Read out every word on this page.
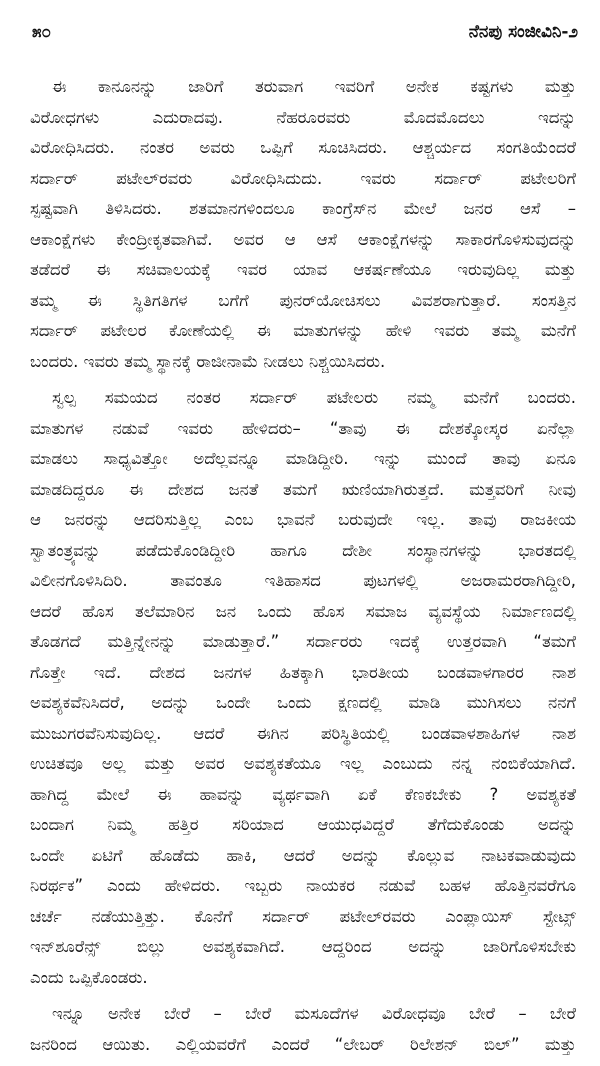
೫೦	ನೆನಪು ಸಂಜೀವಿನಿ-೨
ಈ ಕಾನೂನನ್ನು ಜಾರಿಗೆ ತರುವಾಗ ಇವರಿಗೆ ಅನೇಕ ಕಷ್ಟಗಳು ಮತ್ತು
ವಿರೋಧಗಳು ಎದುರಾದವು. ನೆಹರೂರವರು ಮೊದಮೊದಲು ಇದನ್ನು
ವಿರೋಧಿಸಿದರು. ನಂತರ ಅವರು ಒಪ್ಪಿಗೆ ಸೂಚಿಸಿದರು. ಆಶ್ಚರ್ಯದ ಸಂಗತಿಯೆಂದರೆ
ಸರ್ದಾರ್ ಪಟೇಲ್‌ರವರು ವಿರೋಧಿಸಿದುದು. ಇವರು ಸರ್ದಾರ್ ಪಟೇಲರಿಗೆ
ಸ್ಪಷ್ಟವಾಗಿ ತಿಳಿಸಿದರು. ಶತಮಾನಗಳಿಂದಲೂ ಕಾಂಗ್ರೆಸ್‌ನ ಮೇಲೆ ಜನರ ಆಸೆ –
ಆಕಾಂಕ್ಷೆಗಳು ಕೇಂದ್ರೀಕೃತವಾಗಿವೆ. ಅವರ ಆ ಆಸೆ ಆಕಾಂಕ್ಷೆಗಳನ್ನು ಸಾಕಾರಗೊಳಿಸುವುದನ್ನು
ತಡೆದರೆ ಈ ಸಚಿವಾಲಯಕ್ಕೆ ಇವರ ಯಾವ ಆಕರ್ಷಣೆಯೂ ಇರುವುದಿಲ್ಲ ಮತ್ತು
ತಮ್ಮ ಈ ಸ್ಥಿತಿಗತಿಗಳ ಬಗೆಗೆ ಪುನರ್‌ಯೋಚಿಸಲು ವಿವಶರಾಗುತ್ತಾರೆ. ಸಂಸತ್ತಿನ
ಸರ್ದಾರ್ ಪಟೇಲರ ಕೋಣೆಯಲ್ಲಿ ಈ ಮಾತುಗಳನ್ನು ಹೇಳಿ ಇವರು ತಮ್ಮ ಮನೆಗೆ
ಬಂದರು. ಇವರು ತಮ್ಮ ಸ್ಥಾನಕ್ಕೆ ರಾಜೀನಾಮೆ ನೀಡಲು ನಿಶ್ಚಯಿಸಿದರು.
ಸ್ವಲ್ಪ ಸಮಯದ ನಂತರ ಸರ್ದಾರ್ ಪಟೇಲರು ನಮ್ಮ ಮನೆಗೆ ಬಂದರು.
ಮಾತುಗಳ ನಡುವೆ ಇವರು ಹೇಳಿದರು– “ತಾವು ಈ ದೇಶಕ್ಕೋಸ್ಕರ ಏನೆಲ್ಲಾ
ಮಾಡಲು ಸಾಧ್ಯವಿತ್ತೋ ಅದೆಲ್ಲವನ್ನೂ ಮಾಡಿದ್ದೀರಿ. ಇನ್ನು ಮುಂದೆ ತಾವು ಏನೂ
ಮಾಡದಿದ್ದರೂ ಈ ದೇಶದ ಜನತೆ ತಮಗೆ ಋಣಿಯಾಗಿರುತ್ತದೆ. ಮತ್ತವರಿಗೆ ನೀವು
ಆ ಜನರನ್ನು ಆದರಿಸುತ್ತಿಲ್ಲ ಎಂಬ ಭಾವನೆ ಬರುವುದೇ ಇಲ್ಲ. ತಾವು ರಾಜಕೀಯ
ಸ್ವಾತಂತ್ರ್ಯವನ್ನು ಪಡೆದುಕೊಂಡಿದ್ದೀರಿ ಹಾಗೂ ದೇಶೀ ಸಂಸ್ಥಾನಗಳನ್ನು ಭಾರತದಲ್ಲಿ
ವಿಲೀನಗೊಳಿಸಿದಿರಿ. ತಾವಂತೂ ಇತಿಹಾಸದ ಪುಟಗಳಲ್ಲಿ ಅಜರಾಮರರಾಗಿದ್ದೀರಿ,
ಆದರೆ ಹೊಸ ತಲೆಮಾರಿನ ಜನ ಒಂದು ಹೊಸ ಸಮಾಜ ವ್ಯವಸ್ಥೆಯ ನಿರ್ಮಾಣದಲ್ಲಿ
ತೊಡಗದೆ ಮತ್ತಿನ್ನೇನನ್ನು ಮಾಡುತ್ತಾರೆ.” ಸರ್ದಾರರು ಇದಕ್ಕೆ ಉತ್ತರವಾಗಿ “ತಮಗೆ
ಗೊತ್ತೇ ಇದೆ. ದೇಶದ ಜನಗಳ ಹಿತಕ್ಕಾಗಿ ಭಾರತೀಯ ಬಂಡವಾಳಗಾರರ ನಾಶ
ಅವಶ್ಯಕವೆನಿಸಿದರೆ, ಅದನ್ನು ಒಂದೇ ಒಂದು ಕ್ಷಣದಲ್ಲಿ ಮಾಡಿ ಮುಗಿಸಲು ನನಗೆ
ಮುಜುಗರವೆನಿಸುವುದಿಲ್ಲ. ಆದರೆ ಈಗಿನ ಪರಿಸ್ಥಿತಿಯಲ್ಲಿ ಬಂಡವಾಳಶಾಹಿಗಳ ನಾಶ
ಉಚಿತವೂ ಅಲ್ಲ ಮತ್ತು ಅವರ ಅವಶ್ಯಕತೆಯೂ ಇಲ್ಲ ಎಂಬುದು ನನ್ನ ನಂಬಿಕೆಯಾಗಿದೆ.
ಹಾಗಿದ್ದ ಮೇಲೆ ಈ ಹಾವನ್ನು ವ್ಯರ್ಥವಾಗಿ ಏಕೆ ಕೆಣಕಬೇಕು ? ಅವಶ್ಯಕತೆ
ಬಂದಾಗ ನಿಮ್ಮ ಹತ್ತಿರ ಸರಿಯಾದ ಆಯುಧವಿದ್ದರೆ ತೆಗೆದುಕೊಂಡು ಅದನ್ನು
ಒಂದೇ ಏಟಿಗೆ ಹೊಡೆದು ಹಾಕಿ, ಆದರೆ ಅದನ್ನು ಕೊಲ್ಲುವ ನಾಟಕವಾಡುವುದು
ನಿರರ್ಥಕ” ಎಂದು ಹೇಳಿದರು. ಇಬ್ಬರು ನಾಯಕರ ನಡುವೆ ಬಹಳ ಹೊತ್ತಿನವರೆಗೂ
ಚರ್ಚೆ ನಡೆಯುತ್ತಿತ್ತು. ಕೊನೆಗೆ ಸರ್ದಾರ್ ಪಟೇಲ್‌ರವರು ಎಂಪ್ಲಾಯಿಸ್ ಸ್ಟೇಟ್ಸ್
ಇನ್‌ಶೂರೆನ್ಸ್ ಬಿಲ್ಲು ಅವಶ್ಯಕವಾಗಿದೆ. ಆದ್ದರಿಂದ ಅದನ್ನು ಜಾರಿಗೊಳಿಸಬೇಕು
ಎಂದು ಒಪ್ಪಿಕೊಂಡರು.
ಇನ್ನೂ ಅನೇಕ ಬೇರೆ – ಬೇರೆ ಮಸೂದೆಗಳ ವಿರೋಧವೂ ಬೇರೆ – ಬೇರೆ
ಜನರಿಂದ ಆಯಿತು. ಎಲ್ಲಿಯವರೆಗೆ ಎಂದರೆ “ಲೇಬರ್ ರಿಲೇಶನ್ ಬಿಲ್” ಮತ್ತು
